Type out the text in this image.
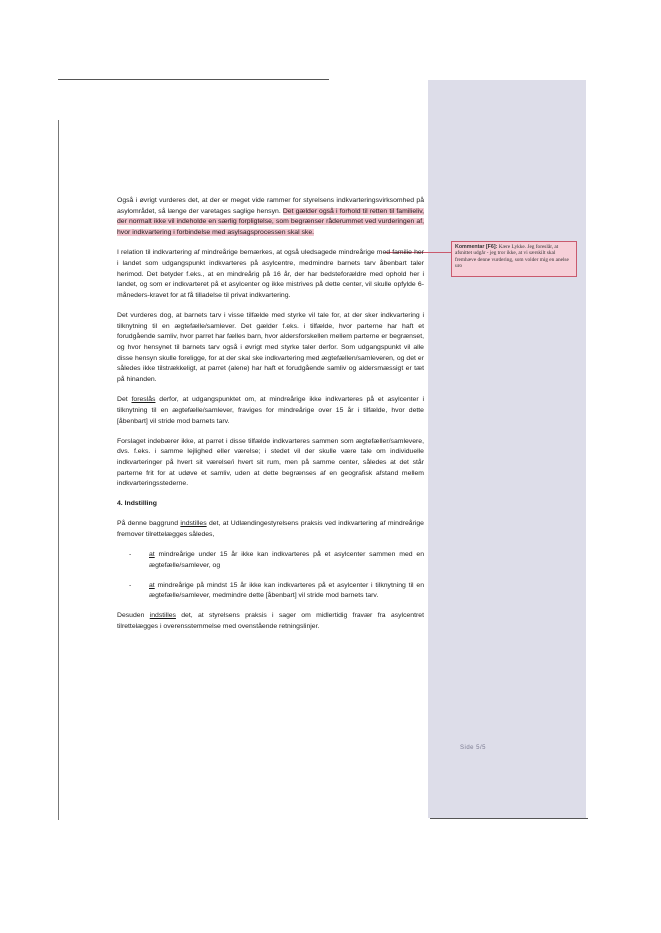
Kommentar [F6]: Kære Lykke. Jeg foreslår, at afsnittet udgår - jeg tror ikke, at vi særskilt skal fremhæve denne vurdering, som volder mig en anelse uro

Også i øvrigt vurderes det, at der er meget vide rammer for styrelsens indkvarteringsvirksomhed på asylområdet, så længe der varetages saglige hensyn. Det gælder også i forhold til retten til familieliv, der normalt ikke vil indeholde en særlig forpligtelse, som begrænser råderummet ved vurderingen af, hvor indkvartering i forbindelse med asylsagsprocessen skal ske.

I relation til indkvartering af mindreårige bemærkes, at også uledsagede mindreårige med familie her i landet som udgangspunkt indkvarteres på asylcentre, medmindre barnets tarv åbenbart taler herimod. Det betyder f.eks., at en mindreårig på 16 år, der har bedsteforældre med ophold her i landet, og som er indkvarteret på et asylcenter og ikke mistrives på dette center, vil skulle opfylde 6-måneders-kravet for at få tilladelse til privat indkvartering.

Det vurderes dog, at barnets tarv i visse tilfælde med styrke vil tale for, at der sker indkvartering i tilknytning til en ægtefælle/samlever. Det gælder f.eks. i tilfælde, hvor parterne har haft et forudgående samliv, hvor parret har fælles barn, hvor aldersforskellen mellem parterne er begrænset, og hvor hensynet til barnets tarv også i øvrigt med styrke taler derfor. Som udgangspunkt vil alle disse hensyn skulle foreligge, for at der skal ske indkvartering med ægtefællen/samleveren, og det er således ikke tilstrækkeligt, at parret (alene) har haft et forudgående samliv og aldersmæssigt er tæt på hinanden.

Det foreslås derfor, at udgangspunktet om, at mindreårige ikke indkvarteres på et asylcenter i tilknytning til en ægtefælle/samlever, fraviges for mindreårige over 15 år i tilfælde, hvor dette [åbenbart] vil stride mod barnets tarv.

Forslaget indebærer ikke, at parret i disse tilfælde indkvarteres sammen som ægtefæller/samlevere, dvs. f.eks. i samme lejlighed eller værelse; i stedet vil der skulle være tale om individuelle indkvarteringer på hvert sit værelse/i hvert sit rum, men på samme center, således at det står parterne frit for at udøve et samliv, uden at dette begrænses af en geografisk afstand mellem indkvarteringsstederne.

4. Indstilling

På denne baggrund indstilles det, at Udlændingestyrelsens praksis ved indkvartering af mindreårige fremover tilrettelægges således,

-	at mindreårige under 15 år ikke kan indkvarteres på et asylcenter sammen med en ægtefælle/samlever, og
-	at mindreårige på mindst 15 år ikke kan indkvarteres på et asylcenter i tilknytning til en ægtefælle/samlever, medmindre dette [åbenbart] vil stride mod barnets tarv.

Desuden indstilles det, at styrelsens praksis i sager om midlertidig fravær fra asylcentret tilrettelægges i overensstemmelse med ovenstående retningslinjer.

Side 5/5
